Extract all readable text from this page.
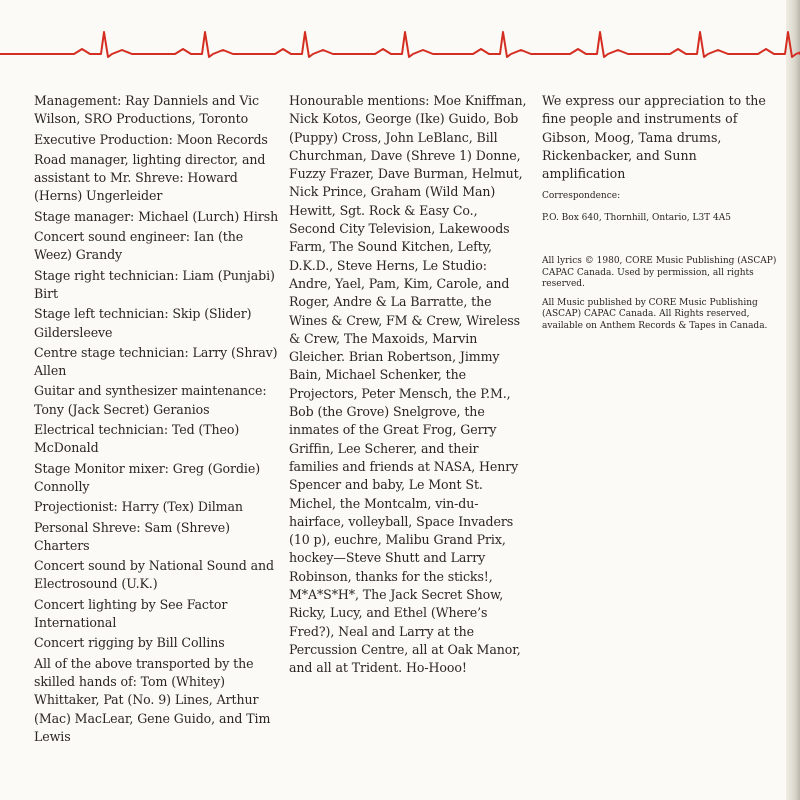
Management: Ray Danniels and Vic Wilson, SRO Productions, Toronto

Executive Production: Moon Records

Road manager, lighting director, and assistant to Mr. Shreve: Howard (Herns) Ungerleider

Stage manager: Michael (Lurch) Hirsh

Concert sound engineer: Ian (the Weez) Grandy

Stage right technician: Liam (Punjabi) Birt

Stage left technician: Skip (Slider) Gildersleeve

Centre stage technician: Larry (Shrav) Allen

Guitar and synthesizer maintenance: Tony (Jack Secret) Geranios

Electrical technician: Ted (Theo) McDonald

Stage Monitor mixer: Greg (Gordie) Connolly

Projectionist: Harry (Tex) Dilman

Personal Shreve: Sam (Shreve) Charters

Concert sound by National Sound and Electrosound (U.K.)

Concert lighting by See Factor International

Concert rigging by Bill Collins

All of the above transported by the skilled hands of: Tom (Whitey) Whittaker, Pat (No. 9) Lines, Arthur (Mac) MacLear, Gene Guido, and Tim Lewis

Honourable mentions: Moe Kniffman, Nick Kotos, George (Ike) Guido, Bob (Puppy) Cross, John LeBlanc, Bill Churchman, Dave (Shreve 1) Donne, Fuzzy Frazer, Dave Burman, Helmut, Nick Prince, Graham (Wild Man) Hewitt, Sgt. Rock & Easy Co., Second City Television, Lakewoods Farm, The Sound Kitchen, Lefty, D.K.D., Steve Herns, Le Studio: Andre, Yael, Pam, Kim, Carole, and Roger, Andre & La Barratte, the Wines & Crew, FM & Crew, Wireless & Crew, The Maxoids, Marvin Gleicher. Brian Robertson, Jimmy Bain, Michael Schenker, the Projectors, Peter Mensch, the P.M., Bob (the Grove) Snelgrove, the inmates of the Great Frog, Gerry Griffin, Lee Scherer, and their families and friends at NASA, Henry Spencer and baby, Le Mont St. Michel, the Montcalm, vin-du-hairface, volleyball, Space Invaders (10 p), euchre, Malibu Grand Prix, hockey—Steve Shutt and Larry Robinson, thanks for the sticks!, M*A*S*H*, The Jack Secret Show, Ricky, Lucy, and Ethel (Where’s Fred?), Neal and Larry at the Percussion Centre, all at Oak Manor, and all at Trident. Ho-Hooo!

We express our appreciation to the fine people and instruments of Gibson, Moog, Tama drums, Rickenbacker, and Sunn amplification

Correspondence:

P.O. Box 640, Thornhill, Ontario, L3T 4A5

All lyrics © 1980, CORE Music Publishing (ASCAP) CAPAC Canada. Used by permission, all rights reserved.

All Music published by CORE Music Publishing (ASCAP) CAPAC Canada. All Rights reserved, available on Anthem Records & Tapes in Canada.
